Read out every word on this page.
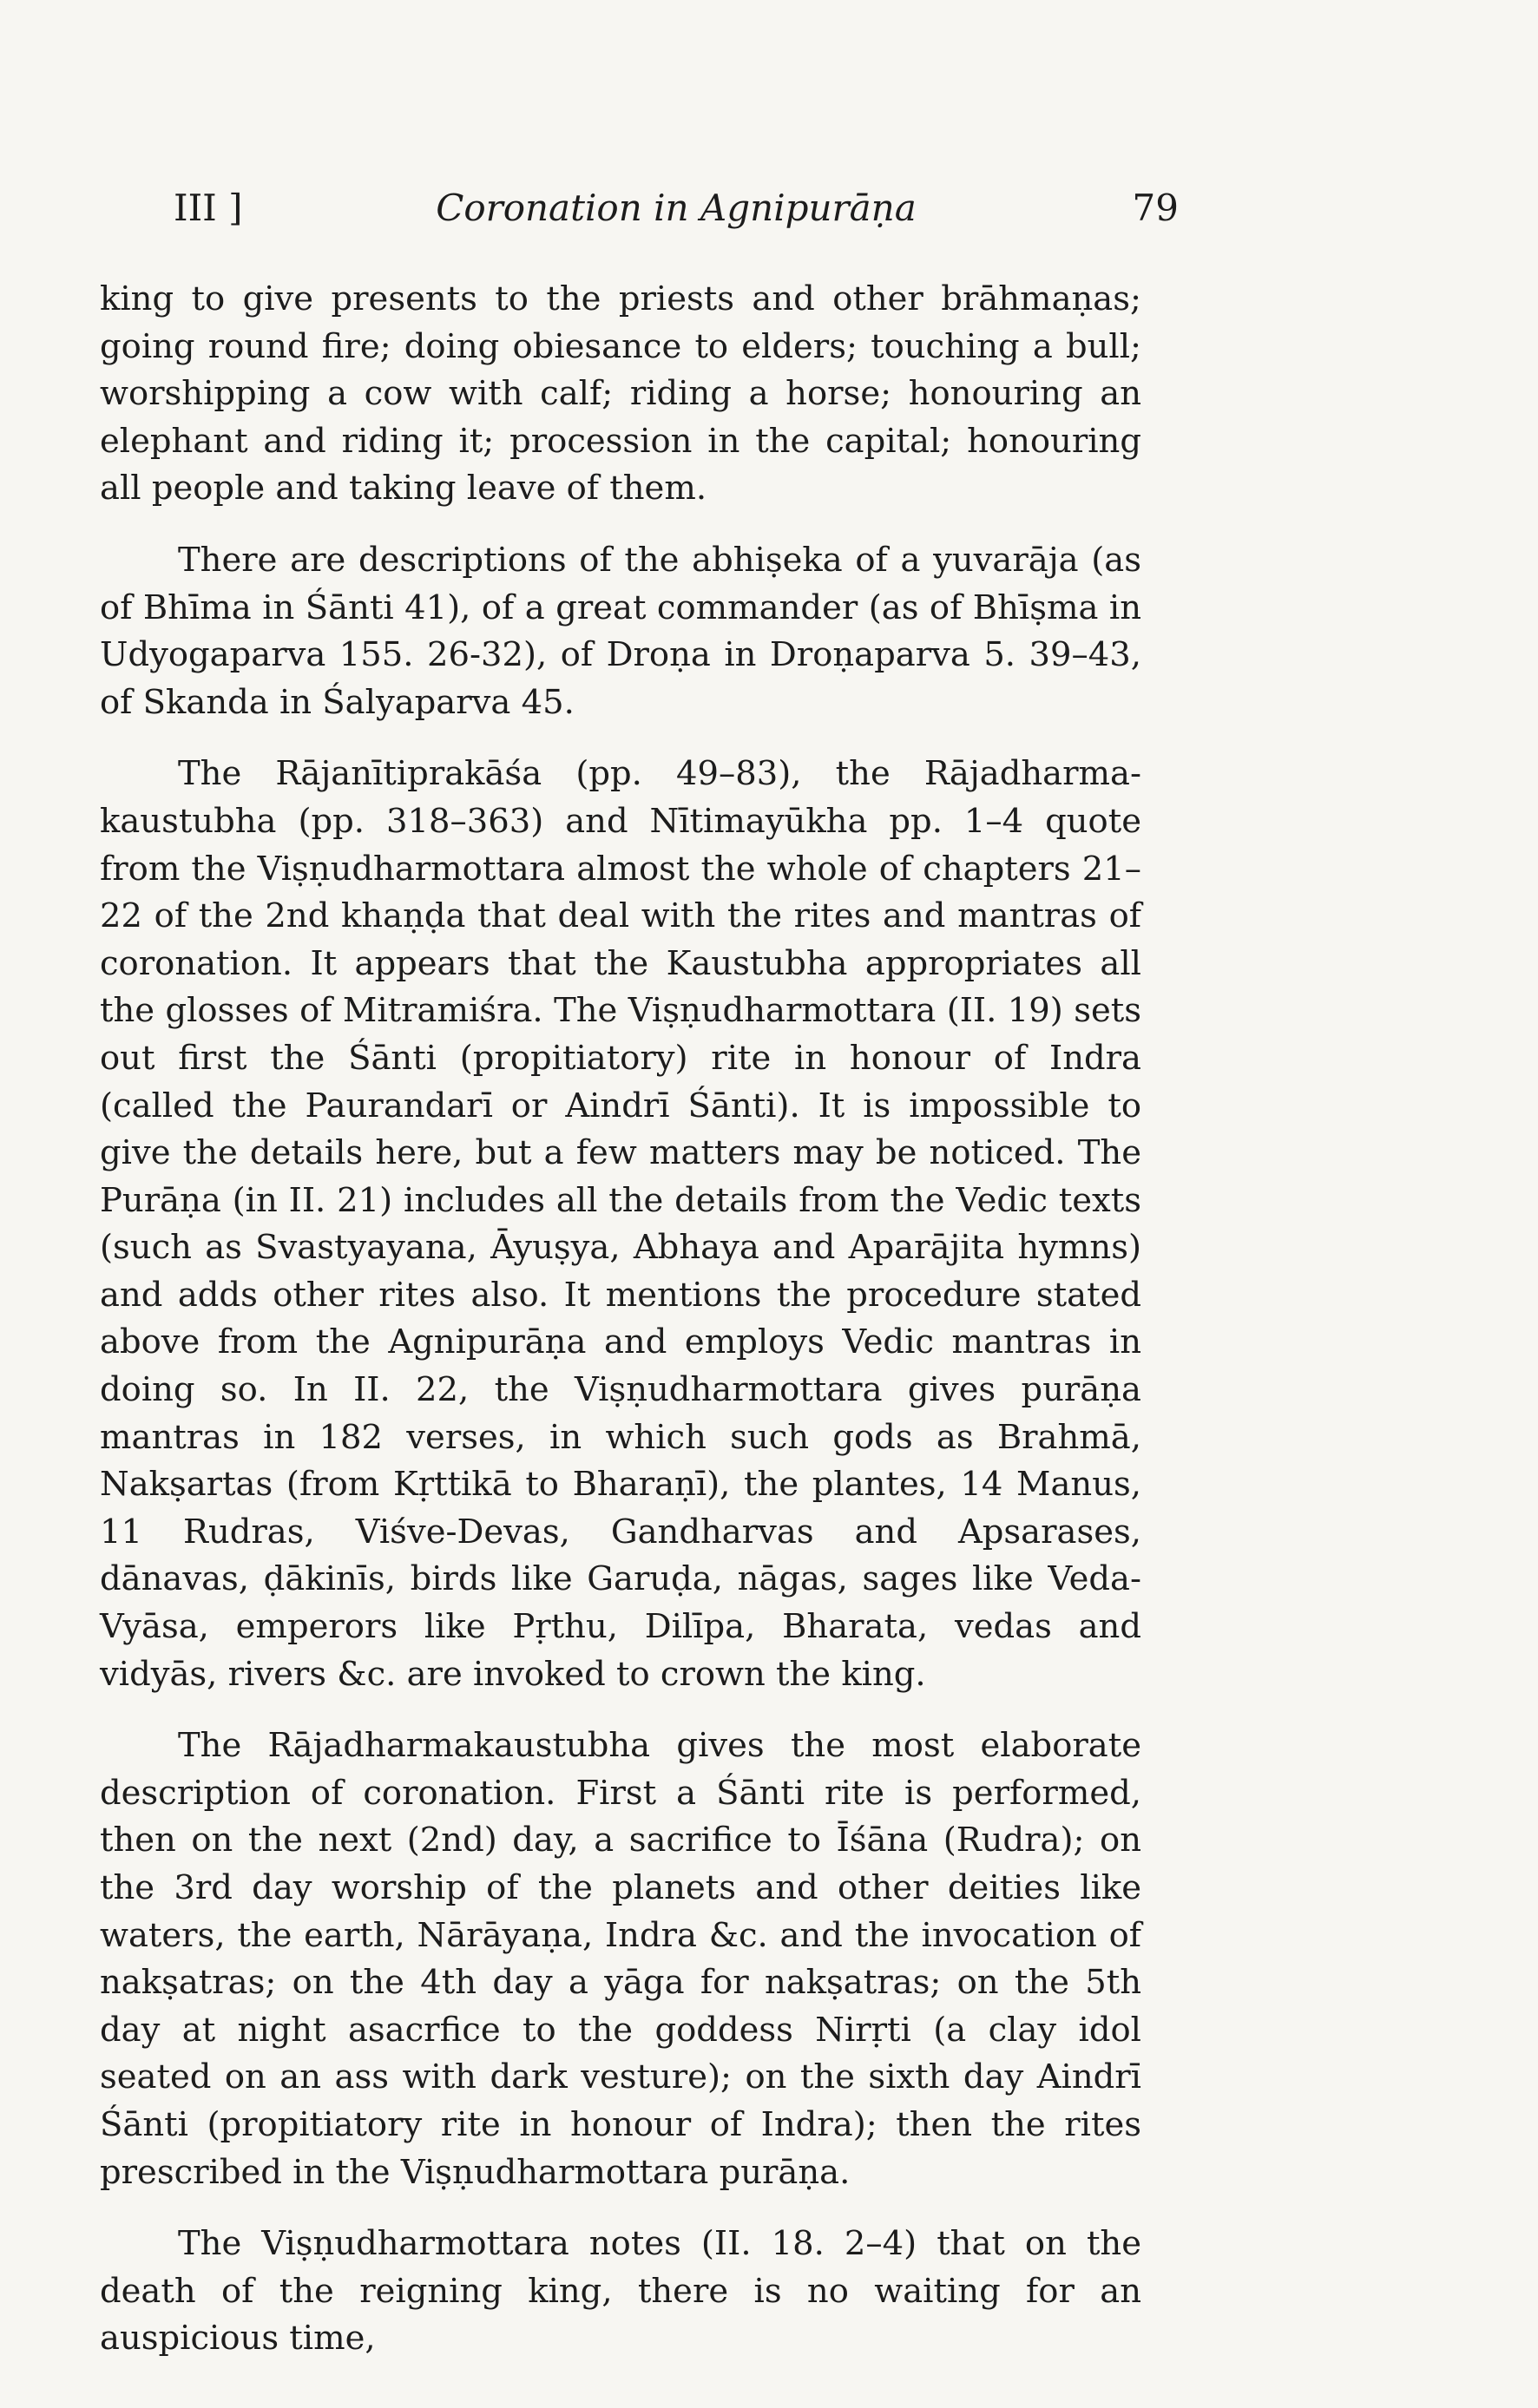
III ]	Coronation in Agnipurāṇa	79

king to give presents to the priests and other brāhmaṇas; going round fire; doing obiesance to elders; touching a bull; worshipping a cow with calf; riding a horse; honouring an elephant and riding it; procession in the capital; honouring all people and taking leave of them.

There are descriptions of the abhiṣeka of a yuvarāja (as of Bhīma in Śānti 41), of a great commander (as of Bhīṣma in Udyogaparva 155. 26-32), of Droṇa in Droṇaparva 5. 39–43, of Skanda in Śalyaparva 45.

The Rājanītiprakāśa (pp. 49–83), the Rājadharma-kaustubha (pp. 318–363) and Nītimayūkha pp. 1–4 quote from the Viṣṇudharmottara almost the whole of chapters 21–22 of the 2nd khaṇḍa that deal with the rites and mantras of coronation. It appears that the Kaustubha appropriates all the glosses of Mitramiśra. The Viṣṇudharmottara (II. 19) sets out first the Śānti (propitiatory) rite in honour of Indra (called the Paurandarī or Aindrī Śānti). It is impossible to give the details here, but a few matters may be noticed. The Purāṇa (in II. 21) includes all the details from the Vedic texts (such as Svastyayana, Āyuṣya, Abhaya and Aparājita hymns) and adds other rites also. It mentions the procedure stated above from the Agnipurāṇa and employs Vedic mantras in doing so. In II. 22, the Viṣṇudharmottara gives purāṇa mantras in 182 verses, in which such gods as Brahmā, Nakṣartas (from Kṛttikā to Bharaṇī), the plantes, 14 Manus, 11 Rudras, Viśve-Devas, Gandharvas and Apsarases, dānavas, ḍākinīs, birds like Garuḍa, nāgas, sages like Veda-Vyāsa, emperors like Pṛthu, Dilīpa, Bharata, vedas and vidyās, rivers &c. are invoked to crown the king.

The Rājadharmakaustubha gives the most elaborate description of coronation. First a Śānti rite is performed, then on the next (2nd) day, a sacrifice to Īśāna (Rudra); on the 3rd day worship of the planets and other deities like waters, the earth, Nārāyaṇa, Indra &c. and the invocation of nakṣatras; on the 4th day a yāga for nakṣatras; on the 5th day at night asacrfice to the goddess Nirṛti (a clay idol seated on an ass with dark vesture); on the sixth day Aindrī Śānti (propitiatory rite in honour of Indra); then the rites prescribed in the Viṣṇudharmottara purāṇa.

The Viṣṇudharmottara notes (II. 18. 2–4) that on the death of the reigning king, there is no waiting for an auspicious time,
